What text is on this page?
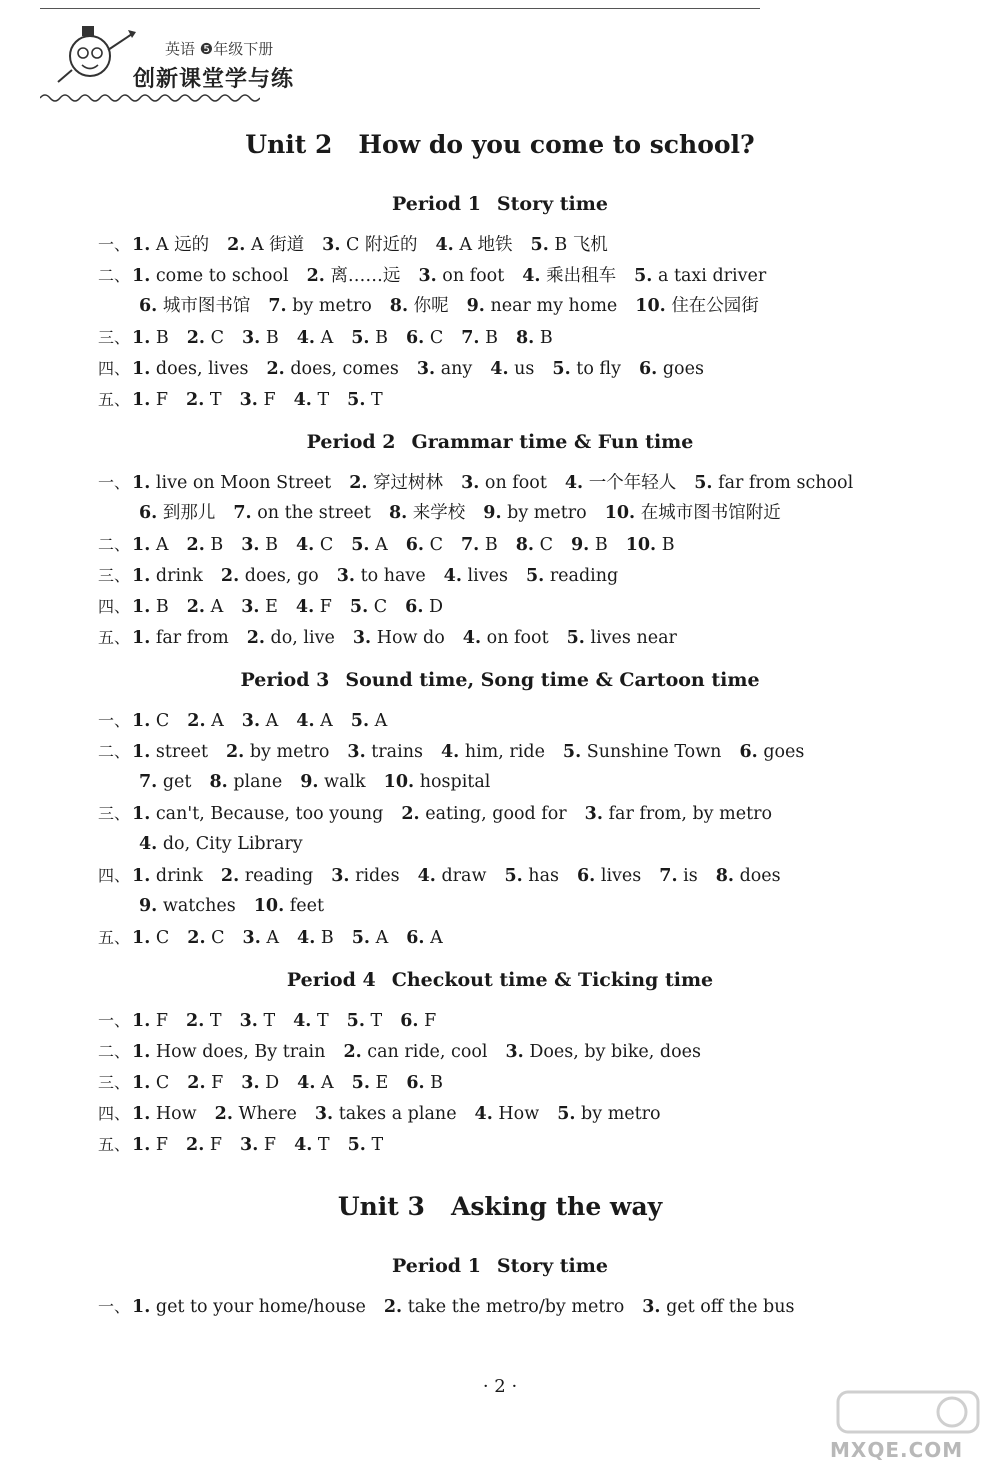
英语 ❺年级下册
创新课堂学与练
Unit 2 How do you come to school?
Period 1 Story time
一、 1. A 远的 2. A 街道 3. C 附近的 4. A 地铁 5. B 飞机
二、 1. come to school 2. 离……远 3. on foot 4. 乘出租车 5. a taxi driver
6. 城市图书馆 7. by metro 8. 你呢 9. near my home 10. 住在公园街
三、 1. B 2. C 3. B 4. A 5. B 6. C 7. B 8. B
四、 1. does, lives 2. does, comes 3. any 4. us 5. to fly 6. goes
五、 1. F 2. T 3. F 4. T 5. T
Period 2 Grammar time & Fun time
一、 1. live on Moon Street 2. 穿过树林 3. on foot 4. 一个年轻人 5. far from school
6. 到那儿 7. on the street 8. 来学校 9. by metro 10. 在城市图书馆附近
二、 1. A 2. B 3. B 4. C 5. A 6. C 7. B 8. C 9. B 10. B
三、 1. drink 2. does, go 3. to have 4. lives 5. reading
四、 1. B 2. A 3. E 4. F 5. C 6. D
五、 1. far from 2. do, live 3. How do 4. on foot 5. lives near
Period 3 Sound time, Song time & Cartoon time
一、 1. C 2. A 3. A 4. A 5. A
二、 1. street 2. by metro 3. trains 4. him, ride 5. Sunshine Town 6. goes
7. get 8. plane 9. walk 10. hospital
三、 1. can't, Because, too young 2. eating, good for 3. far from, by metro
4. do, City Library
四、 1. drink 2. reading 3. rides 4. draw 5. has 6. lives 7. is 8. does
9. watches 10. feet
五、 1. C 2. C 3. A 4. B 5. A 6. A
Period 4 Checkout time & Ticking time
一、 1. F 2. T 3. T 4. T 5. T 6. F
二、 1. How does, By train 2. can ride, cool 3. Does, by bike, does
三、 1. C 2. F 3. D 4. A 5. E 6. B
四、 1. How 2. Where 3. takes a plane 4. How 5. by metro
五、 1. F 2. F 3. F 4. T 5. T
Unit 3 Asking the way
Period 1 Story time
一、 1. get to your home/house 2. take the metro/by metro 3. get off the bus
· 2 ·
MXQE.COM
